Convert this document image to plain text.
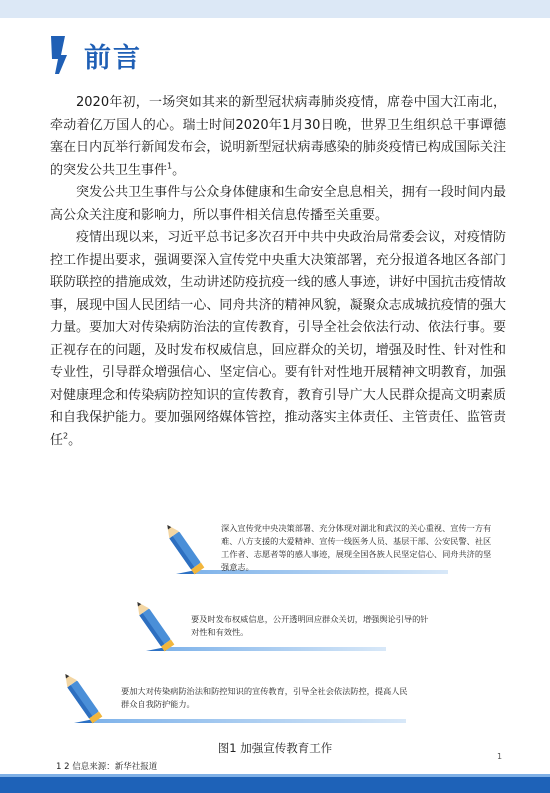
前言

2020年初，一场突如其来的新型冠状病毒肺炎疫情，席卷中国大江南北，牵动着亿万国人的心。瑞士时间2020年1月30日晚，世界卫生组织总干事谭德塞在日内瓦举行新闻发布会，说明新型冠状病毒感染的肺炎疫情已构成国际关注的突发公共卫生事件$^1$。

突发公共卫生事件与公众身体健康和生命安全息息相关，拥有一段时间内最高公众关注度和影响力，所以事件相关信息传播至关重要。

疫情出现以来，习近平总书记多次召开中共中央政治局常委会议，对疫情防控工作提出要求，强调要深入宣传党中央重大决策部署，充分报道各地区各部门联防联控的措施成效，生动讲述防疫抗疫一线的感人事迹，讲好中国抗击疫情故事，展现中国人民团结一心、同舟共济的精神风貌，凝聚众志成城抗疫情的强大力量。要加大对传染病防治法的宣传教育，引导全社会依法行动、依法行事。要正视存在的问题，及时发布权威信息，回应群众的关切，增强及时性、针对性和专业性，引导群众增强信心、坚定信心。要有针对性地开展精神文明教育，加强对健康理念和传染病防控知识的宣传教育，教育引导广大人民群众提高文明素质和自我保护能力。要加强网络媒体管控，推动落实主体责任、主管责任、监管责任$^2$。

深入宣传党中央决策部署、充分体现对湖北和武汉的关心重视、宣传一方有难、八方支援的大爱精神、宣传一线医务人员、基层干部、公安民警、社区工作者、志愿者等的感人事迹，展现全国各族人民坚定信心、同舟共济的坚强意志。
要及时发布权威信息，公开透明回应群众关切，增强舆论引导的针对性和有效性。
要加大对传染病防治法和防控知识的宣传教育，引导全社会依法防控，提高人民群众自我防护能力。
图1 加强宣传教育工作
1
1 2 信息来源：新华社报道
